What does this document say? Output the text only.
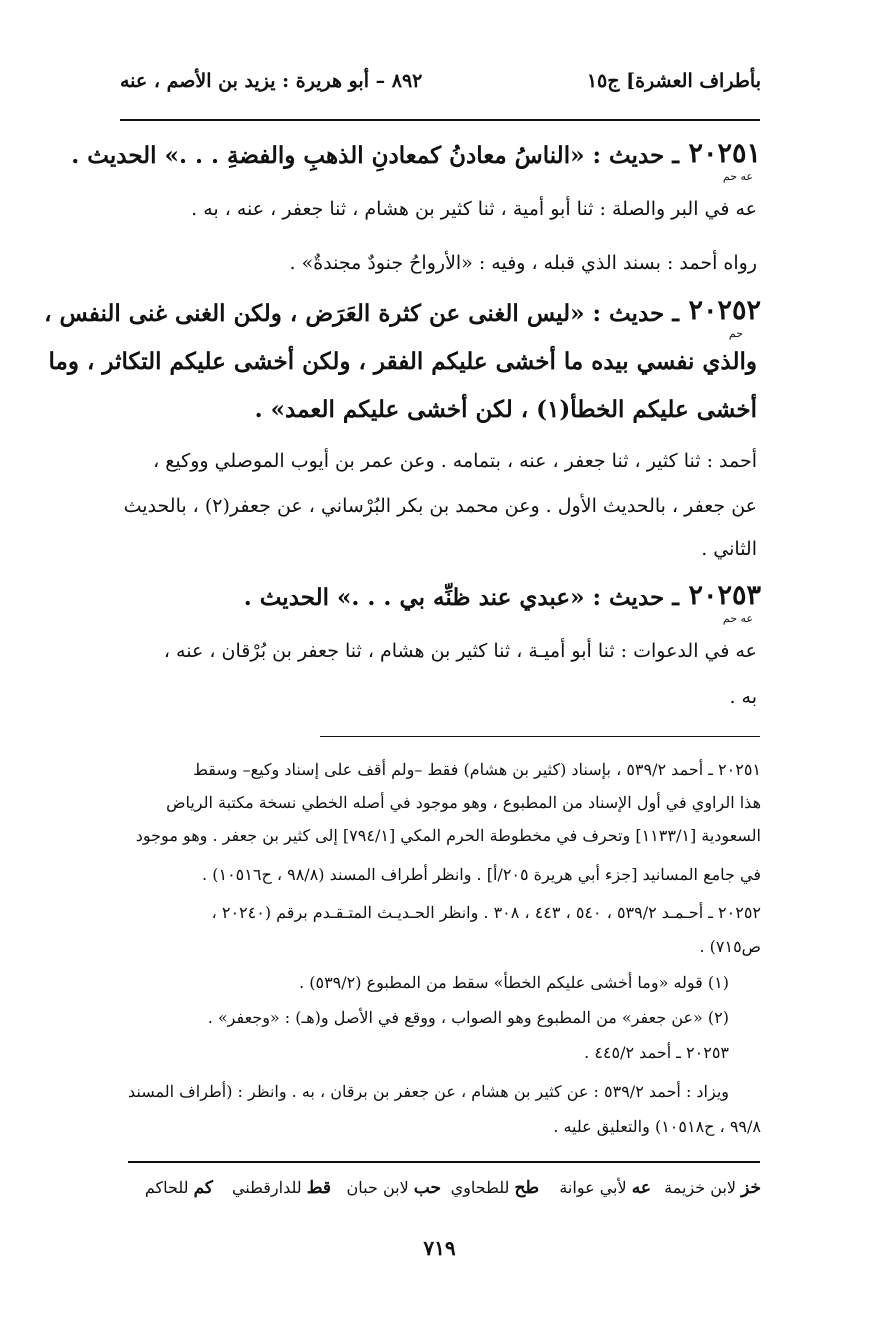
بأطراف العشرة] ج١٥
٨٩٢ – أبو هريرة : يزيد بن الأصم ، عنه
٢٠٢٥١
عه حم
ـ حديث : «الناسُ معادنُ كمعادنِ الذهبِ والفضةِ . . .» الحديث .
عه في البر والصلة : ثنا أبو أمية ، ثنا كثير بن هشام ، ثنا جعفر ، عنه ، به .
رواه أحمد : بسند الذي قبله ، وفيه : «الأرواحُ جنودٌ مجندةٌ» .
٢٠٢٥٢
حم
ـ حديث : «ليس الغنى عن كثرة العَرَض ، ولكن الغنى غنى النفس ،
والذي نفسي بيده ما أخشى عليكم الفقر ، ولكن أخشى عليكم التكاثر ، وما
أخشى عليكم الخطأ(١) ، لكن أخشى عليكم العمد» .
أحمد : ثنا كثير ، ثنا جعفر ، عنه ، بتمامه . وعن عمر بن أيوب الموصلي ووكيع ،
عن جعفر ، بالحديث الأول . وعن محمد بن بكر البُرْساني ، عن جعفر(٢) ، بالحديث
الثاني .
٢٠٢٥٣
عه حم
ـ حديث : «عبدي عند ظنِّه بي . . .» الحديث .
عه في الدعوات : ثنا أبو أميـة ، ثنا كثير بن هشام ، ثنا جعفر بن بُرْقان ، عنه ،
به .
٢٠٢٥١ ـ أحمد ٥٣٩/٢ ، بإسناد (كثير بن هشام) فقط –ولم أقف على إسناد وكيع– وسقط
هذا الراوي في أول الإسناد من المطبوع ، وهو موجود في أصله الخطي نسخة مكتبة الرياض
السعودية [١١٣٣/١] وتحرف في مخطوطة الحرم المكي [٧٩٤/١] إلى كثير بن جعفر . وهو موجود
في جامع المسانيد [جزء أبي هريرة ٢٠٥/أ] . وانظر أطراف المسند (٩٨/٨ ، ح١٠٥١٦) .
٢٠٢٥٢ ـ أحـمـد ٥٣٩/٢ ، ٥٤٠ ، ٤٤٣ ، ٣٠٨ . وانظر الحـديـث المتـقـدم برقم (٢٠٢٤٠ ،
ص٧١٥) .
(١) قوله «وما أخشى عليكم الخطأ» سقط من المطبوع (٥٣٩/٢) .
(٢) «عن جعفر» من المطبوع وهو الصواب ، ووقع في الأصل و(هـ) : «وجعفر» .
٢٠٢٥٣ ـ أحمد ٤٤٥/٢ .
ويزاد : أحمد ٥٣٩/٢ : عن كثير بن هشام ، عن جعفر بن برقان ، به . وانظر : (أطراف المسند
٩٩/٨ ، ح١٠٥١٨) والتعليق عليه .
خز لابن خزيمة
عه لأبي عوانة
طح للطحاوي
حب لابن حبان
قط للدارقطني
كم للحاكم
٧١٩
